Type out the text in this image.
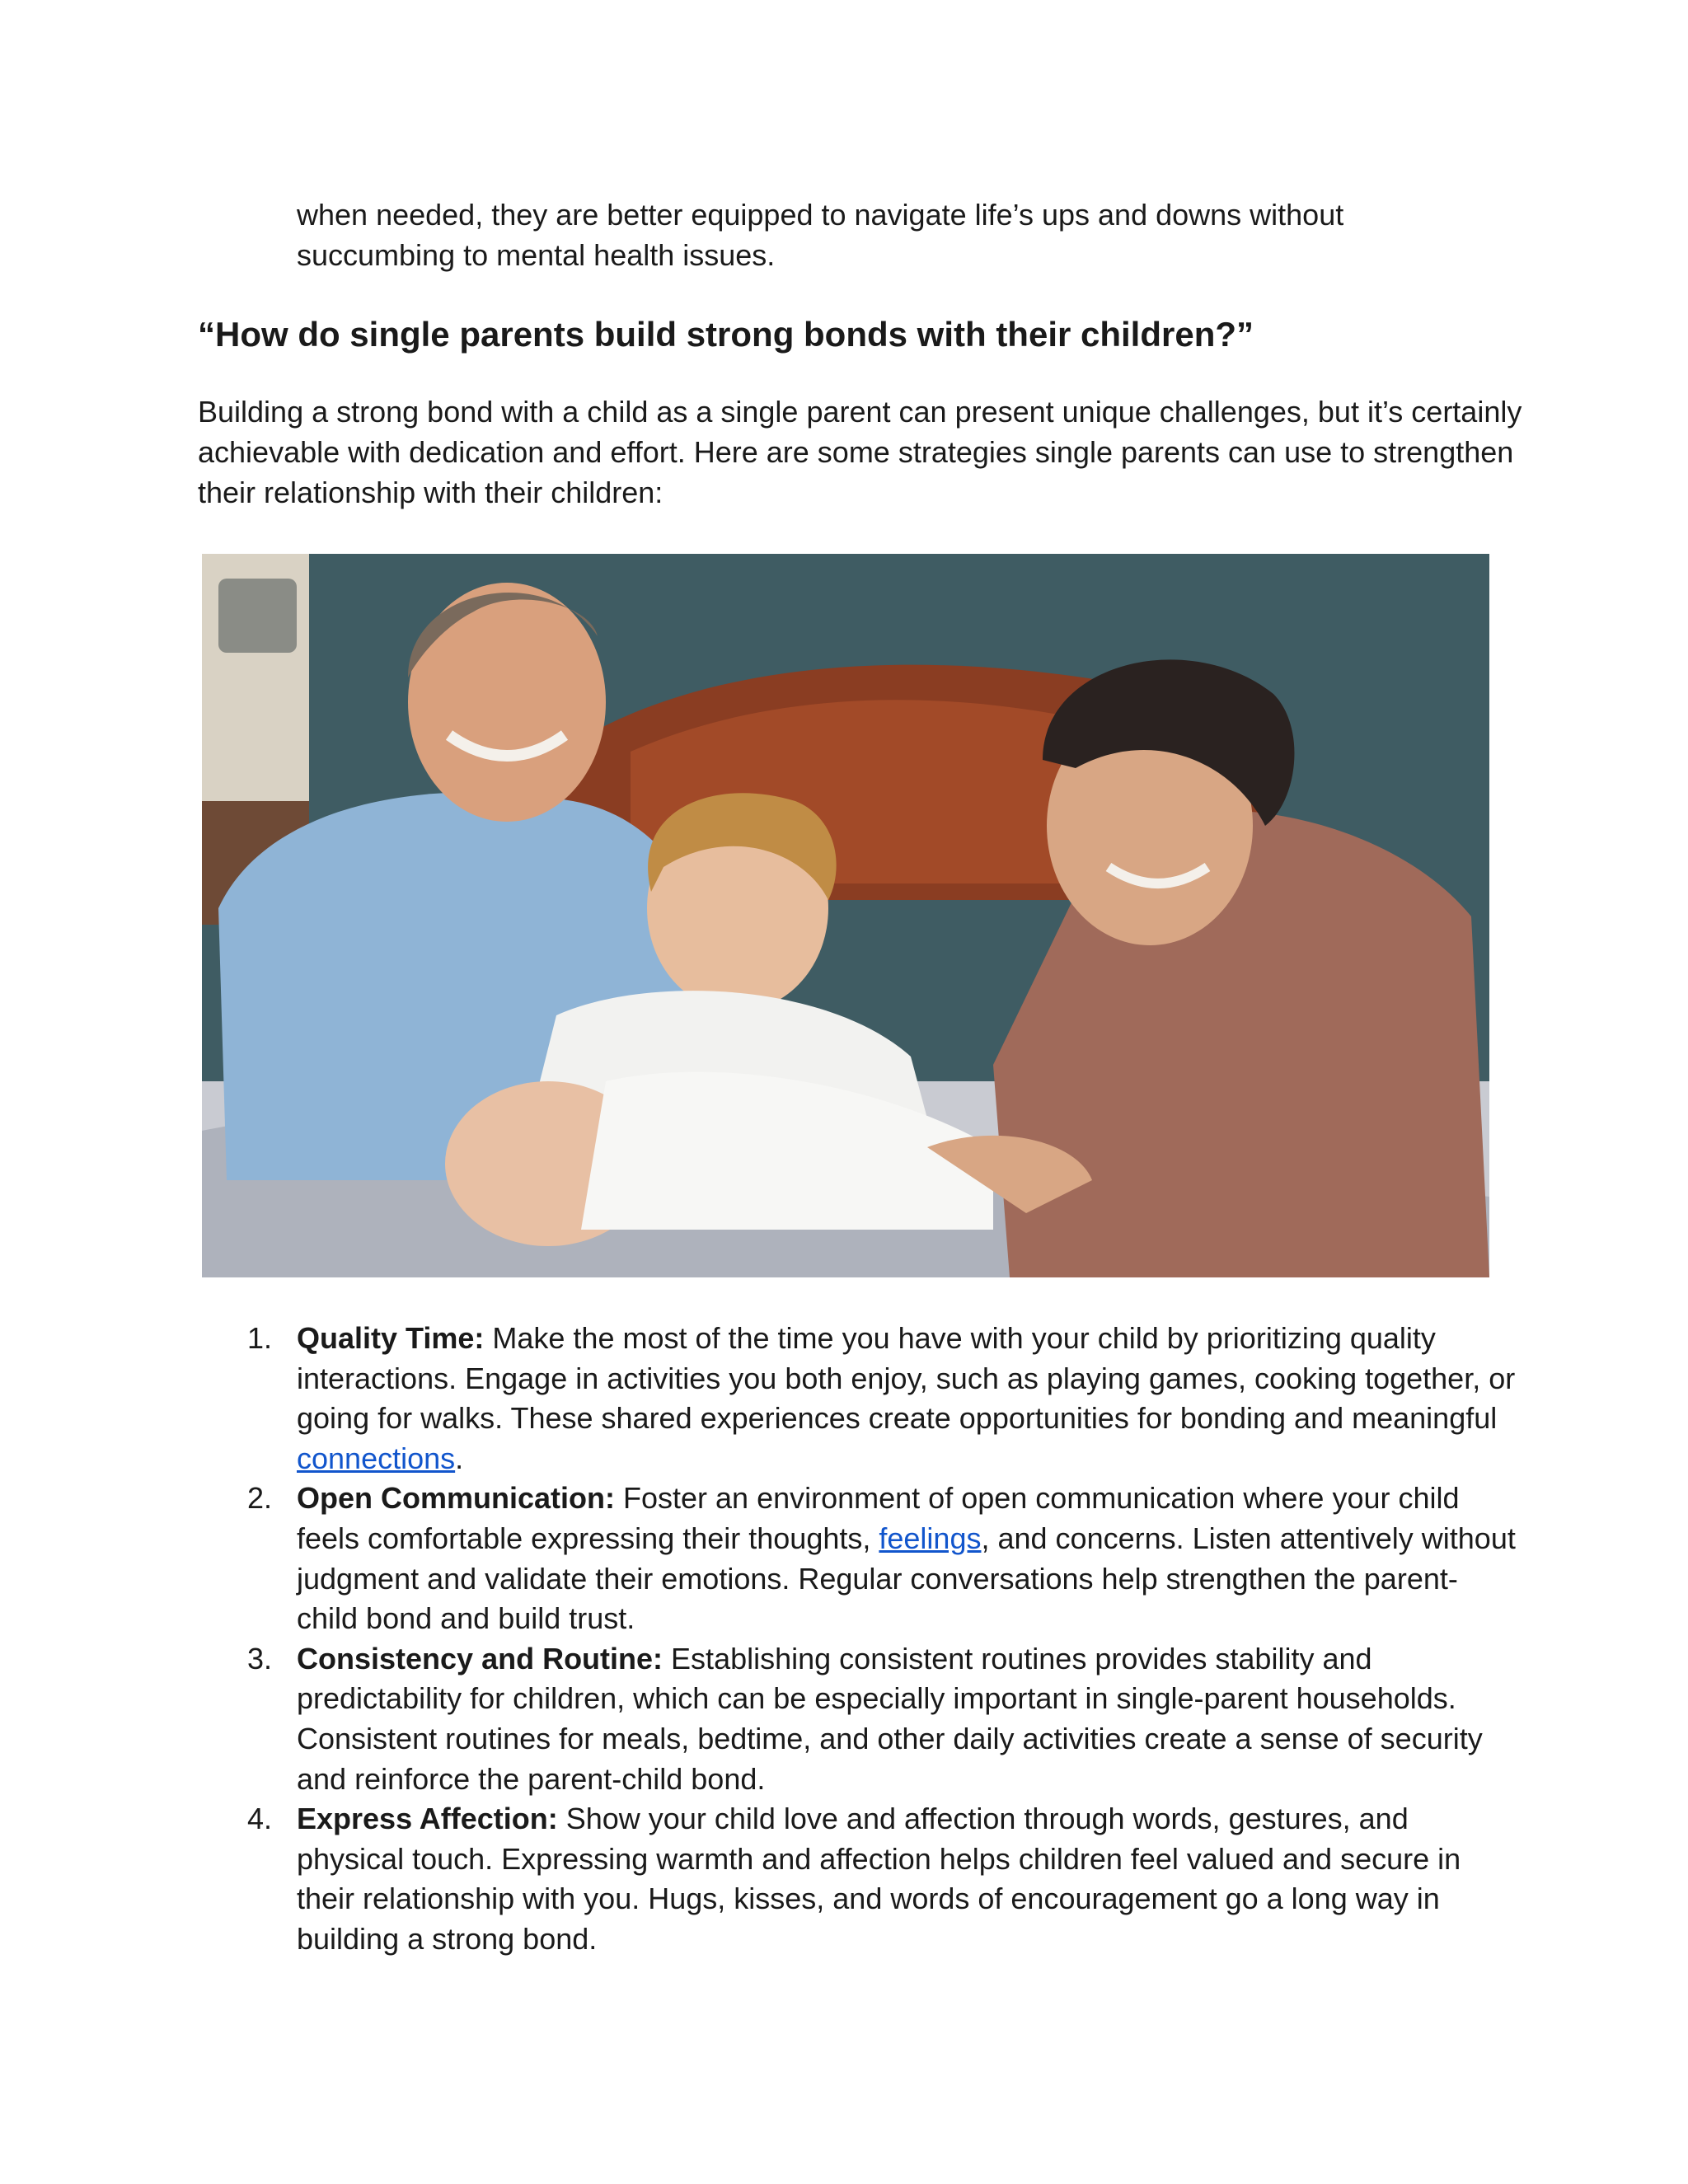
when needed, they are better equipped to navigate life’s ups and downs without succumbing to mental health issues.

“How do single parents build strong bonds with their children?”

Building a strong bond with a child as a single parent can present unique challenges, but it’s certainly achievable with dedication and effort. Here are some strategies single parents can use to strengthen their relationship with their children:

1. Quality Time: Make the most of the time you have with your child by prioritizing quality interactions. Engage in activities you both enjoy, such as playing games, cooking together, or going for walks. These shared experiences create opportunities for bonding and meaningful connections.
2. Open Communication: Foster an environment of open communication where your child feels comfortable expressing their thoughts, feelings, and concerns. Listen attentively without judgment and validate their emotions. Regular conversations help strengthen the parent-child bond and build trust.
3. Consistency and Routine: Establishing consistent routines provides stability and predictability for children, which can be especially important in single-parent households. Consistent routines for meals, bedtime, and other daily activities create a sense of security and reinforce the parent-child bond.
4. Express Affection: Show your child love and affection through words, gestures, and physical touch. Expressing warmth and affection helps children feel valued and secure in their relationship with you. Hugs, kisses, and words of encouragement go a long way in building a strong bond.
